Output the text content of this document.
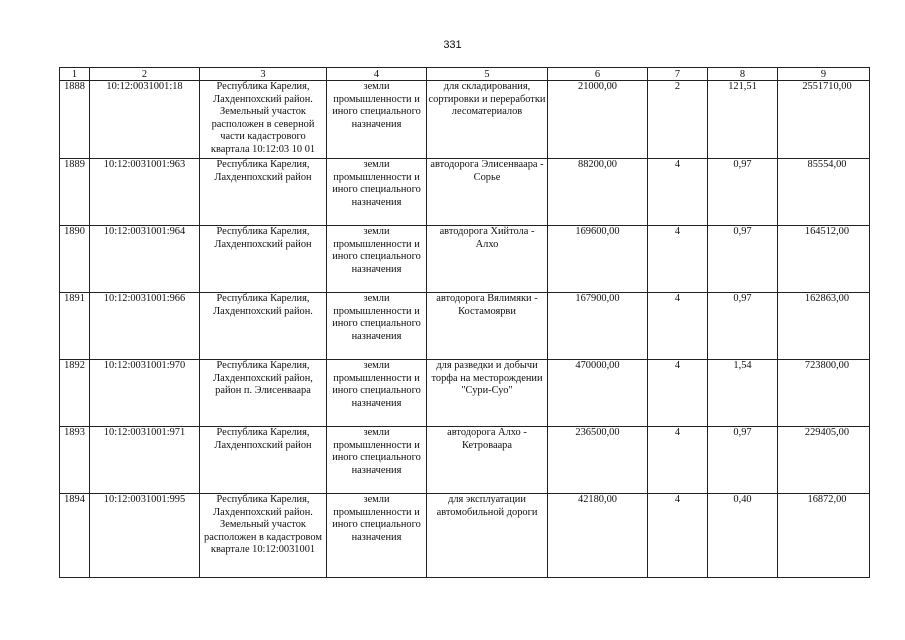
331
1	2	3	4	5	6	7	8	9
1888	10:12:0031001:18	Республика Карелия, Лахденпохский район. Земельный участок расположен в северной части кадастрового квартала 10:12:03 10 01	земли промышленности и иного специального назначения	для складирования, сортировки и переработки лесоматериалов	21000,00	2	121,51	2551710,00
1889	10:12:0031001:963	Республика Карелия, Лахденпохский район	земли промышленности и иного специального назначения	автодорога Элисенваара - Сорье	88200,00	4	0,97	85554,00
1890	10:12:0031001:964	Республика Карелия, Лахденпохский район	земли промышленности и иного специального назначения	автодорога Хийтола - Алхо	169600,00	4	0,97	164512,00
1891	10:12:0031001:966	Республика Карелия, Лахденпохский район.	земли промышленности и иного специального назначения	автодорога Вялимяки - Костамоярви	167900,00	4	0,97	162863,00
1892	10:12:0031001:970	Республика Карелия, Лахденпохский район, район п. Элисенваара	земли промышленности и иного специального назначения	для разведки и добычи торфа на месторождении "Сури-Суо"	470000,00	4	1,54	723800,00
1893	10:12:0031001:971	Республика Карелия, Лахденпохский район	земли промышленности и иного специального назначения	автодорога Алхо - Кетроваара	236500,00	4	0,97	229405,00
1894	10:12:0031001:995	Республика Карелия, Лахденпохский район. Земельный участок расположен в кадастровом квартале 10:12:0031001	земли промышленности и иного специального назначения	для эксплуатации автомобильной дороги	42180,00	4	0,40	16872,00
